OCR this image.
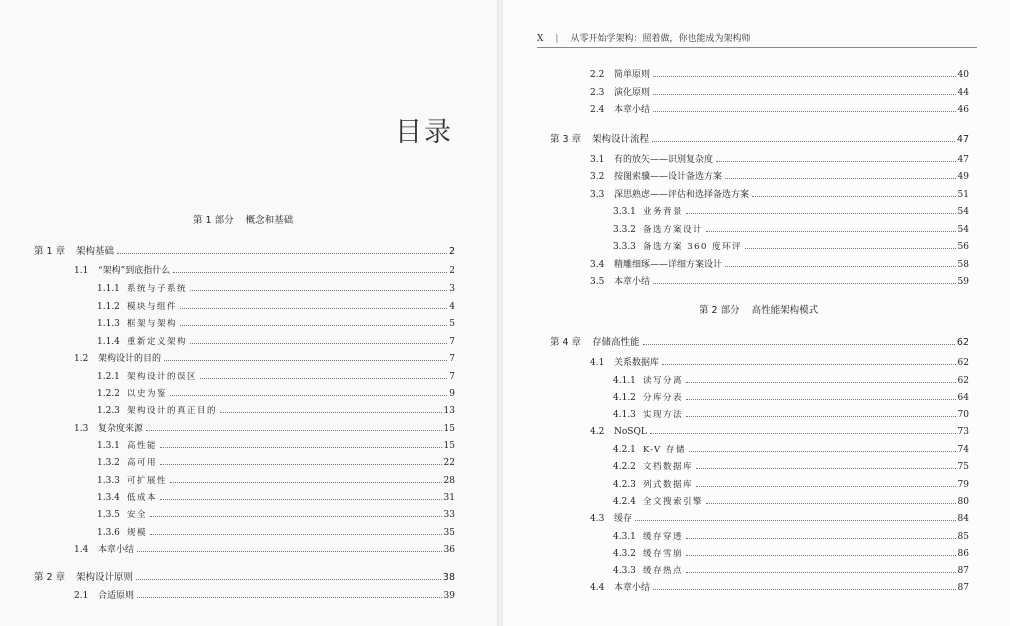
目录
第 1 部分 概念和基础
第 1 章	架构基础	2
1.1	“架构”到底指什么	2
1.1.1 系统与子系统	3
1.1.2 模块与组件	4
1.1.3 框架与架构	5
1.1.4 重新定义架构	7
1.2	架构设计的目的	7
1.2.1 架构设计的误区	7
1.2.2 以史为鉴	9
1.2.3 架构设计的真正目的	13
1.3	复杂度来源	15
1.3.1 高性能	15
1.3.2 高可用	22
1.3.3 可扩展性	28
1.3.4 低成本	31
1.3.5 安全	33
1.3.6 规模	35
1.4	本章小结	36
第 2 章	架构设计原则	38
2.1	合适原则	39
X | 从零开始学架构：照着做，你也能成为架构师
第 2 部分 高性能架构模式
2.2	简单原则	40
2.3	演化原则	44
2.4	本章小结	46
第 3 章	架构设计流程	47
3.1	有的放矢——识别复杂度	47
3.2	按图索骥——设计备选方案	49
3.3	深思熟虑——评估和选择备选方案	51
3.3.1 业务背景	54
3.3.2 备选方案设计	54
3.3.3 备选方案 360 度环评	56
3.4	精雕细琢——详细方案设计	58
3.5	本章小结	59
第 4 章	存储高性能	62
4.1	关系数据库	62
4.1.1 读写分离	62
4.1.2 分库分表	64
4.1.3 实现方法	70
4.2	NoSQL	73
4.2.1 K-V 存储	74
4.2.2 文档数据库	75
4.2.3 列式数据库	79
4.2.4 全文搜索引擎	80
4.3	缓存	84
4.3.1 缓存穿透	85
4.3.2 缓存雪崩	86
4.3.3 缓存热点	87
4.4	本章小结	87
